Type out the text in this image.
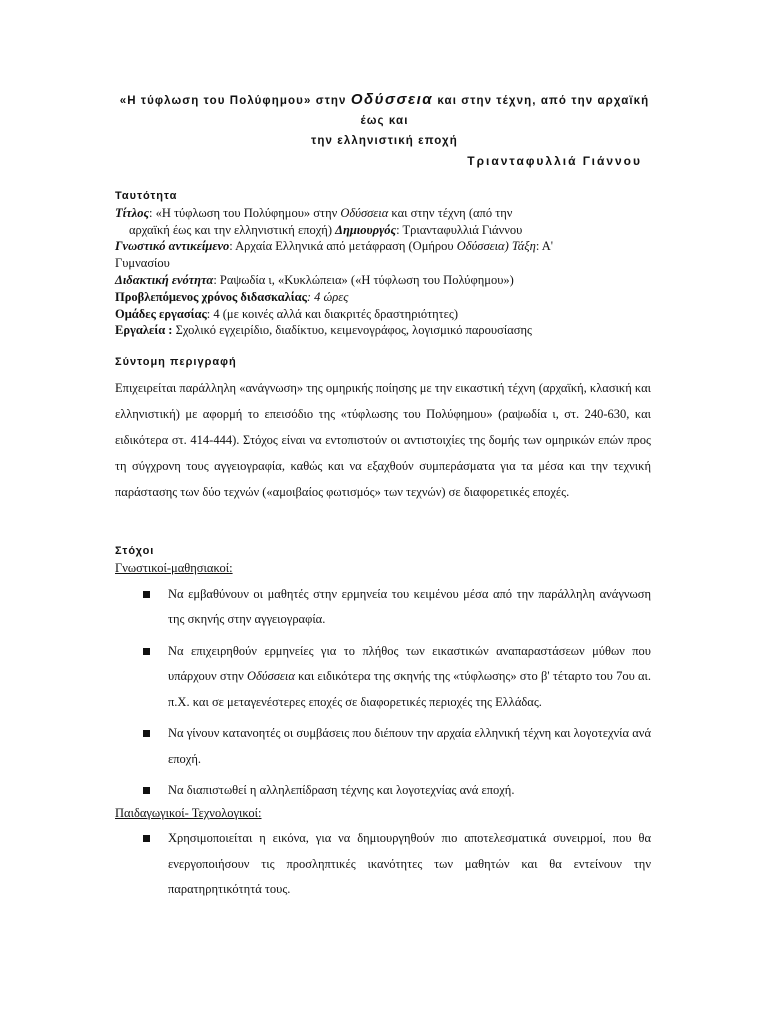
«Η τύφλωση του Πολύφημου» στην Οδύσσεια και στην τέχνη, από την αρχαϊκή έως και
την ελληνιστική εποχή
Τριανταφυλλιά Γιάννου
Ταυτότητα
Τίτλος: «Η τύφλωση του Πολύφημου» στην Οδύσσεια και στην τέχνη (από την
αρχαϊκή έως και την ελληνιστική εποχή) Δημιουργός: Τριανταφυλλιά Γιάννου
Γνωστικό αντικείμενο: Αρχαία Ελληνικά από μετάφραση (Ομήρου Οδύσσεια) Τάξη: Α'
Γυμνασίου
Διδακτική ενότητα: Ραψωδία ι, «Κυκλώπεια» («Η τύφλωση του Πολύφημου»)
Προβλεπόμενος χρόνος διδασκαλίας: 4 ώρες
Ομάδες εργασίας: 4 (με κοινές αλλά και διακριτές δραστηριότητες)
Εργαλεία : Σχολικό εγχειρίδιο, διαδίκτυο, κειμενογράφος, λογισμικό παρουσίασης
Σύντομη περιγραφή
Επιχειρείται παράλληλη «ανάγνωση» της ομηρικής ποίησης με την εικαστική τέχνη (αρχαϊκή, κλασική και ελληνιστική) με αφορμή το επεισόδιο της «τύφλωσης του Πολύφημου» (ραψωδία ι, στ. 240-630, και ειδικότερα στ. 414-444). Στόχος είναι να εντοπιστούν οι αντιστοιχίες της δομής των ομηρικών επών προς τη σύγχρονη τους αγγειογραφία, καθώς και να εξαχθούν συμπεράσματα για τα μέσα και την τεχνική παράστασης των δύο τεχνών («αμοιβαίος φωτισμός» των τεχνών) σε διαφορετικές εποχές.
Στόχοι
Γνωστικοί-μαθησιακοί:
Να εμβαθύνουν οι μαθητές στην ερμηνεία του κειμένου μέσα από την παράλληλη ανάγνωση της σκηνής στην αγγειογραφία.
Να επιχειρηθούν ερμηνείες για το πλήθος των εικαστικών αναπαραστάσεων μύθων που υπάρχουν στην Οδύσσεια και ειδικότερα της σκηνής της «τύφλωσης» στο β' τέταρτο του 7ου αι. π.Χ. και σε μεταγενέστερες εποχές σε διαφορετικές περιοχές της Ελλάδας.
Να γίνουν κατανοητές οι συμβάσεις που διέπουν την αρχαία ελληνική τέχνη και λογοτεχνία ανά εποχή.
Να διαπιστωθεί η αλληλεπίδραση τέχνης και λογοτεχνίας ανά εποχή.
Παιδαγωγικοί- Τεχνολογικοί:
Χρησιμοποιείται η εικόνα, για να δημιουργηθούν πιο αποτελεσματικά συνειρμοί, που θα ενεργοποιήσουν τις προσληπτικές ικανότητες των μαθητών και θα εντείνουν την παρατηρητικότητά τους.
